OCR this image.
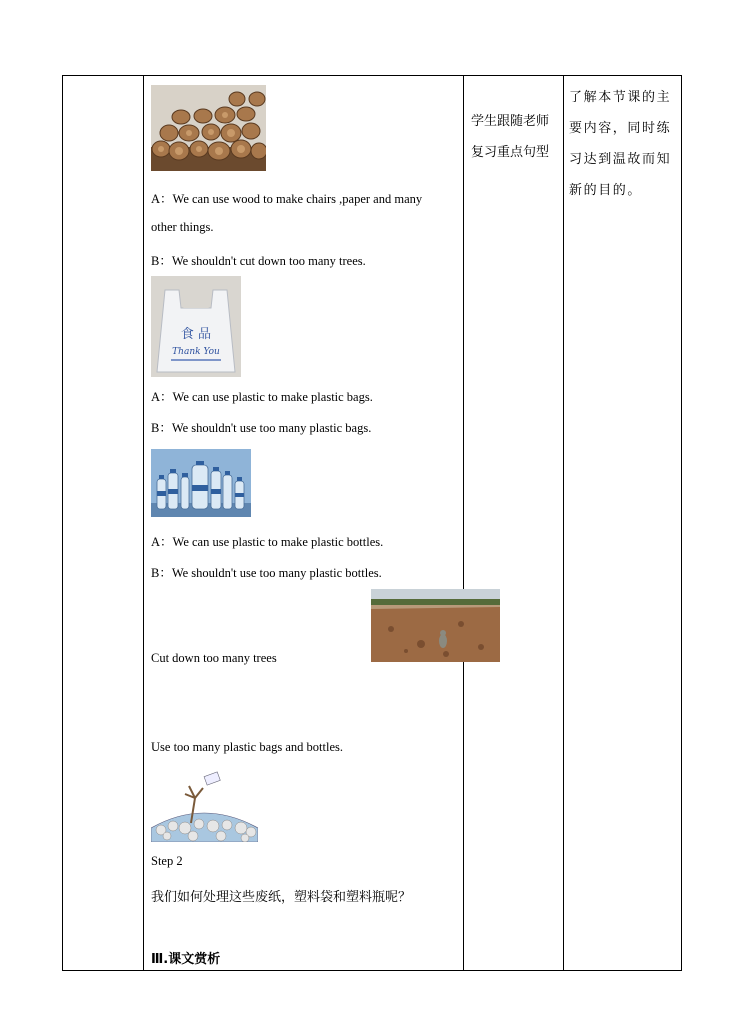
A：We can use wood to make chairs ,paper and many
other things.
B：We shouldn't cut down too many trees.
食 品
Thank You
A：We can use plastic to make plastic bags.
B：We shouldn't use too many plastic bags.
A：We can use plastic to make plastic bottles.
B：We shouldn't use too many plastic bottles.
Cut down too many trees
Use too many plastic bags and bottles.
Step 2
我们如何处理这些废纸，塑料袋和塑料瓶呢？
Ⅲ.课文赏析
学生跟随老师复习重点句型
了解本节课的主要内容，同时练习达到温故而知新的目的。
